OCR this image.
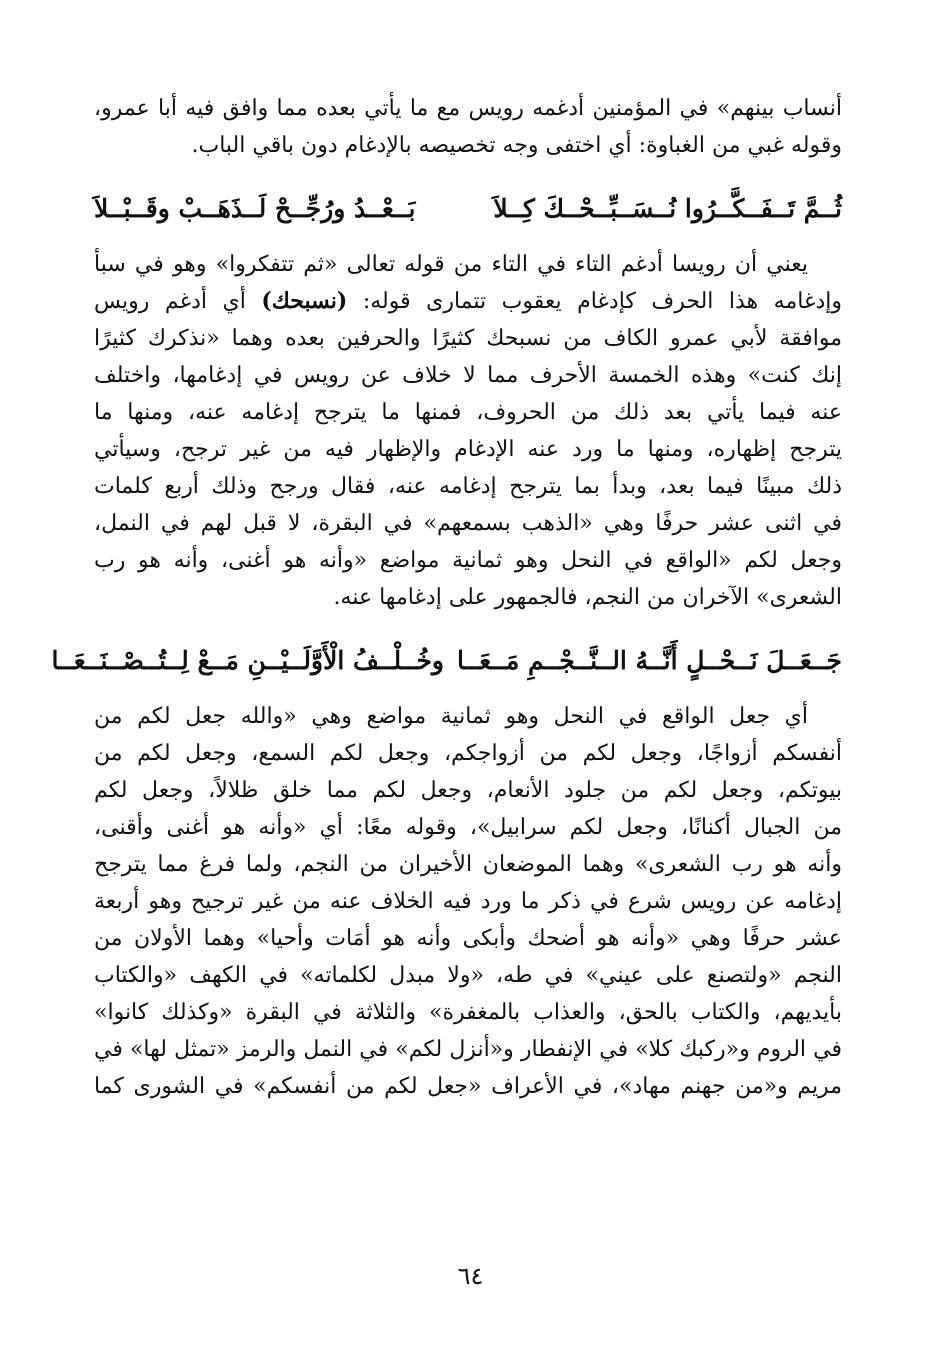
أنساب بينهم» في المؤمنين أدغمه رويس مع ما يأتي بعده مما وافق فيه أبا عمرو،
وقوله غبي من الغباوة: أي اختفى وجه تخصيصه بالإدغام دون باقي الباب.

ثُــمَّ تَــفَــكَّــرُوا نُــسَــبِّــحْــكَ كِــلاَ
بَــعْــدُ ورُجِّــحْ لَــذَهَــبْ وقَــبْــلاَ

يعني أن رويسا أدغم التاء في التاء من قوله تعالى «ثم تتفكروا» وهو في سبأ
وإدغامه هذا الحرف كإدغام يعقوب تتمارى قوله: (نسبحك) أي أدغم رويس
موافقة لأبي عمرو الكاف من نسبحك كثيرًا والحرفين بعده وهما «نذكرك كثيرًا
إنك كنت» وهذه الخمسة الأحرف مما لا خلاف عن رويس في إدغامها، واختلف
عنه فيما يأتي بعد ذلك من الحروف، فمنها ما يترجح إدغامه عنه، ومنها ما
يترجح إظهاره، ومنها ما ورد عنه الإدغام والإظهار فيه من غير ترجح، وسيأتي
ذلك مبينًا فيما بعد، وبدأ بما يترجح إدغامه عنه، فقال ورجح وذلك أربع كلمات
في اثنى عشر حرفًا وهي «الذهب بسمعهم» في البقرة، لا قبل لهم في النمل،
وجعل لكم «الواقع في النحل وهو ثمانية مواضع «وأنه هو أغنى، وأنه هو رب
الشعرى» الآخران من النجم، فالجمهور على إدغامها عنه.

جَــعَــلَ نَــحْــلٍ أَنَّــهُ الــنَّــجْــمِ مَــعَــا
وخُــلْــفُ الْأَوَّلَــيْــنِ مَــعْ لِــتُــصْــنَــعَــا

أي جعل الواقع في النحل وهو ثمانية مواضع وهي «والله جعل لكم من
أنفسكم أزواجًا، وجعل لكم من أزواجكم، وجعل لكم السمع، وجعل لكم من
بيوتكم، وجعل لكم من جلود الأنعام، وجعل لكم مما خلق ظلالاً، وجعل لكم
من الجبال أكنانًا، وجعل لكم سرابيل»، وقوله معًا: أي «وأنه هو أغنى وأقنى،
وأنه هو رب الشعرى» وهما الموضعان الأخيران من النجم، ولما فرغ مما يترجح
إدغامه عن رويس شرع في ذكر ما ورد فيه الخلاف عنه من غير ترجيح وهو أربعة
عشر حرفًا وهي «وأنه هو أضحك وأبكى وأنه هو أمَات وأحيا» وهما الأولان من
النجم «ولتصنع على عيني» في طه، «ولا مبدل لكلماته» في الكهف «والكتاب
بأيديهم، والكتاب بالحق، والعذاب بالمغفرة» والثلاثة في البقرة «وكذلك كانوا»
في الروم و«ركبك كلا» في الإنفطار و«أنزل لكم» في النمل والرمز «تمثل لها» في
مريم و«من جهنم مهاد»، في الأعراف «جعل لكم من أنفسكم» في الشورى كما

٦٤
